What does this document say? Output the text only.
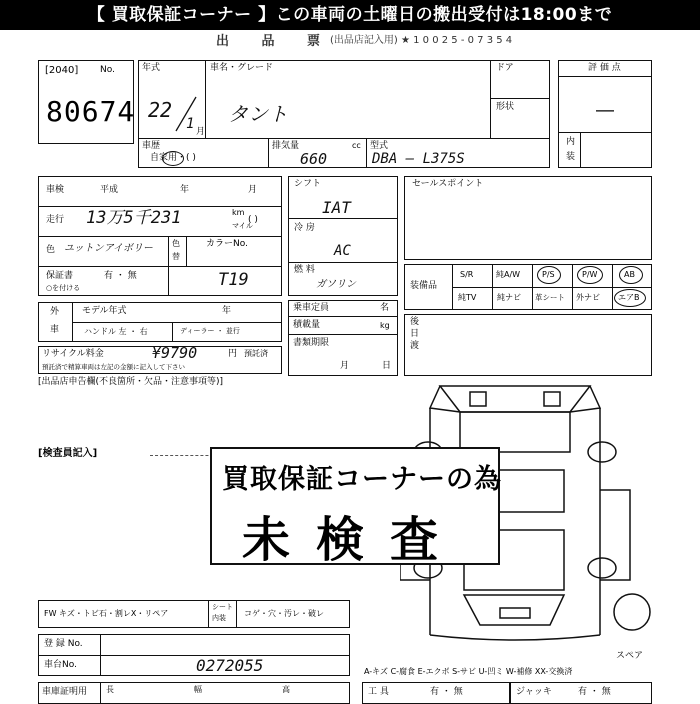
【 買取保証コーナー 】この車両の土曜日の搬出受付は18:00まで
出 品 票
(出品店記入用) ★ 1 0 0 2 5 - 0 7 3 5 4
[2040] No.
80674
年式
22
1 月
車名・グレード
タント
ドア
形状
車歴
自家用・( )
排気量	cc
660
型式
DBA ― L375S
評 価 点
―
内
装
車検	平成	年	月
走行 13万5千231	km
マイル
( )
色 ユットンアイボリー 色
替
カラーNo.
T19
保証書	有 ・ 無
○を付ける
シフト
IAT
冷 房
AC
燃 料
ガソリン
乗車定員	名
積載量	kg
書類期限
月	日
外
車
モデル年式	年
ハンドル 左 ・ 右	ディーラー ・ 並行
リサイクル料金	¥9790	円 預託済
預託済で精算車両は左記の金額に記入して下さい
[出品店申告欄(不良箇所・欠品・注意事項等)]
セールスポイント
装備品
S/R	純A/W	P/S	P/W	AB
純TV	純ナビ 革シート 外ナビ エアB
後
日
渡
[検査員記入]
スペア
買取保証コーナーの為
未検査
FW キズ・トビ石・割レX・リペア
シート
内装 コゲ・穴・汚レ・破レ
登 録 No.
車台No.	0272055
車庫証明用 長	幅	高
A-キズ C-腐食 E-エクボ S-サビ U-凹ミ W-補修 XX-交換済
工 具	有 ・ 無	ジャッキ	有 ・ 無
